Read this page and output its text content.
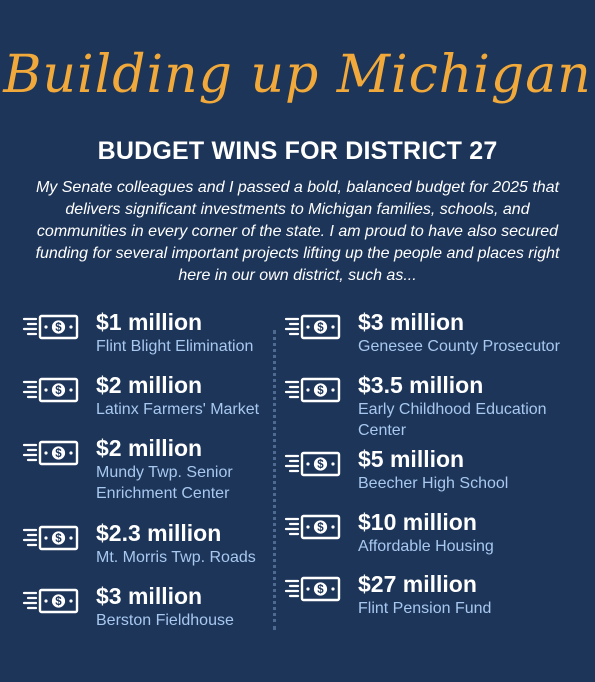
Building up Michigan
BUDGET WINS FOR DISTRICT 27
My Senate colleagues and I passed a bold, balanced budget for 2025 that delivers significant investments to Michigan families, schools, and communities in every corner of the state. I am proud to have also secured funding for several important projects lifting up the people and places right here in our own district, such as...
$ $1 million
Flint Blight Elimination
$ $2 million
Latinx Farmers' Market
$ $2 million
Mundy Twp. Senior Enrichment Center
$ $2.3 million
Mt. Morris Twp. Roads
$ $3 million
Berston Fieldhouse
$ $3 million
Genesee County Prosecutor
$ $3.5 million
Early Childhood Education Center
$ $5 million
Beecher High School
$ $10 million
Affordable Housing
$ $27 million
Flint Pension Fund
